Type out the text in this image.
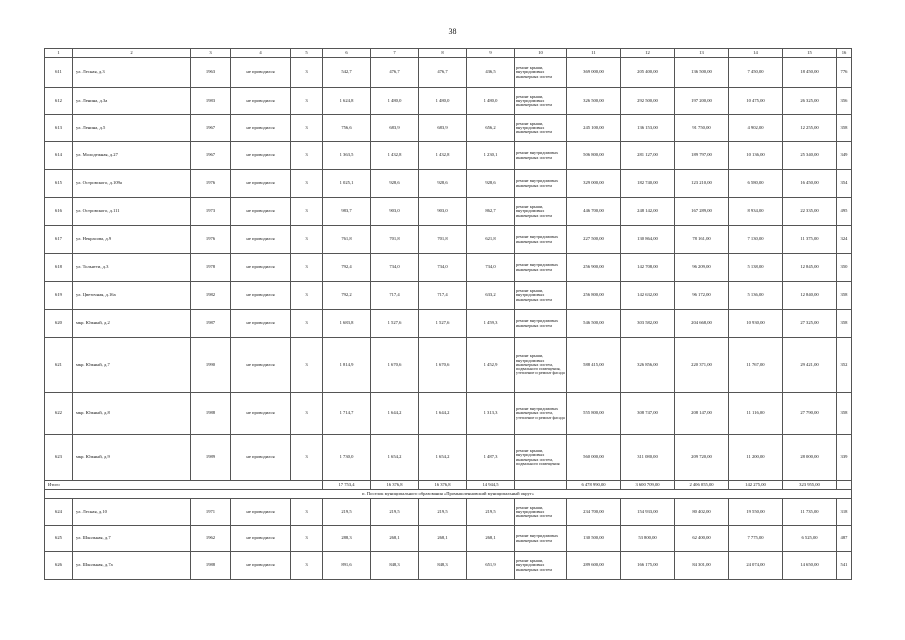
38
1	2	3	4	5	6	7	8	9	10	11	12	13	14	15	16
611	ул. Лесная, д.3	1963	не проводился	3	542,7	476,7	476,7	436,5	ремонт крыши, внутридомовых инженерных систем	369 000,00	205 400,00	136 500,00	7 450,00	18 450,00	776
612	ул. Ленина, д.3а	1983	не проводился	3	1 624,8	1 480,0	1 480,0	1 480,0	ремонт крыши, внутридомовых инженерных систем	326 500,00	292 500,00	197 200,00	10 475,00	26 325,00	356
613	ул. Ленина, д.5	1967	не проводился	3	756,6	683,9	683,9	656,2	ремонт крыши, внутридомовых инженерных систем	245 100,00	136 153,00	91 750,00	4 902,00	12 255,00	358
614	ул. Молодежная, д.27	1967	не проводился	3	1 363,5	1 432,8	1 432,8	1 230,1	ремонт внутридомовых инженерных систем	506 800,00	281 127,00	189 797,00	10 136,00	25 340,00	349
615	ул. Островского, д.109а	1976	не проводился	3	1 025,1	928,6	928,6	928,6	ремонт внутридомовых инженерных систем	329 000,00	182 740,00	123 210,00	6 580,00	16 450,00	354
616	ул. Островского, д.111	1973	не проводился	3	983,7	903,0	903,0	862,7	ремонт крыши, внутридомовых инженерных систем	446 700,00	248 142,00	167 289,00	8 934,00	22 335,00	495
617	ул. Некрасова, д.9	1976	не проводился	3	761,8	701,8	701,8	621,8	ремонт внутридомовых инженерных систем	227 500,00	130 864,00	78 161,00	7 130,00	11 375,00	324
618	ул. Тольятти, д.3	1978	не проводился	3	792,4	734,0	734,0	734,0	ремонт внутридомовых инженерных систем	256 900,00	142 708,00	96 209,00	5 138,00	12 845,00	350
619	ул. Цветочная, д.16а	1982	не проводился	3	792,2	717,4	717,4	633,2	ремонт крыши, внутридомовых инженерных систем	256 800,00	142 632,00	96 172,00	5 136,00	12 840,00	358
620	мкр. Южный, д.2	1987	не проводился	3	1 683,8	1 527,6	1 527,6	1 459,3	ремонт внутридомовых инженерных систем	546 500,00	303 582,00	204 668,00	10 930,00	27 325,00	358
621	мкр. Южный, д.7	1990	не проводился	3	1 814,9	1 670,6	1 670,6	1 452,9	ремонт крыши, внутридомовых инженерных систем, подвального помещения, утепление и ремонт фасада	588 415,00	326 856,00	220 371,00	11 767,00	29 421,00	352
622	мкр. Южный, д.8	1988	не проводился	3	1 714,7	1 644,2	1 644,2	1 313,3	ремонт внутридомовых инженерных систем, утепление и ремонт фасада	555 800,00	308 747,00	208 147,00	11 116,00	27 790,00	358
623	мкр. Южный, д.9	1989	не проводился	3	1 730,0	1 654,2	1 654,2	1 487,3	ремонт крыши, внутридомовых инженерных систем, подвального помещения	560 000,00	311 080,00	209 720,00	11 200,00	28 000,00	339
Итого					17 753,4	16 376,8	16 376,8	14 944,5		6 478 990,00	3 600 709,00	2 406 055,00	142 275,00	323 955,00	
п. Поселок муниципального образования «Промышленновский муниципальный округ»															
624	ул. Лесная, д.10	1971	не проводился	3	219,5	219,5	219,5	219,5	ремонт крыши, внутридомовых инженерных систем	234 700,00	154 933,00	80 402,00	19 550,00	11 735,00	318
625	ул. Школьная, д.7	1962	не проводился	3	288,3	268,1	268,1	268,1	ремонт внутридомовых инженерных систем	130 500,00	53 800,00	62 400,00	7 775,00	6 525,00	487
626	ул. Школьная, д.7а	1988	не проводился	3	891,6	848,3	848,3	651,9	ремонт крыши, внутридомовых инженерных систем	289 600,00	166 175,00	84 301,00	24 074,00	14 650,00	541
